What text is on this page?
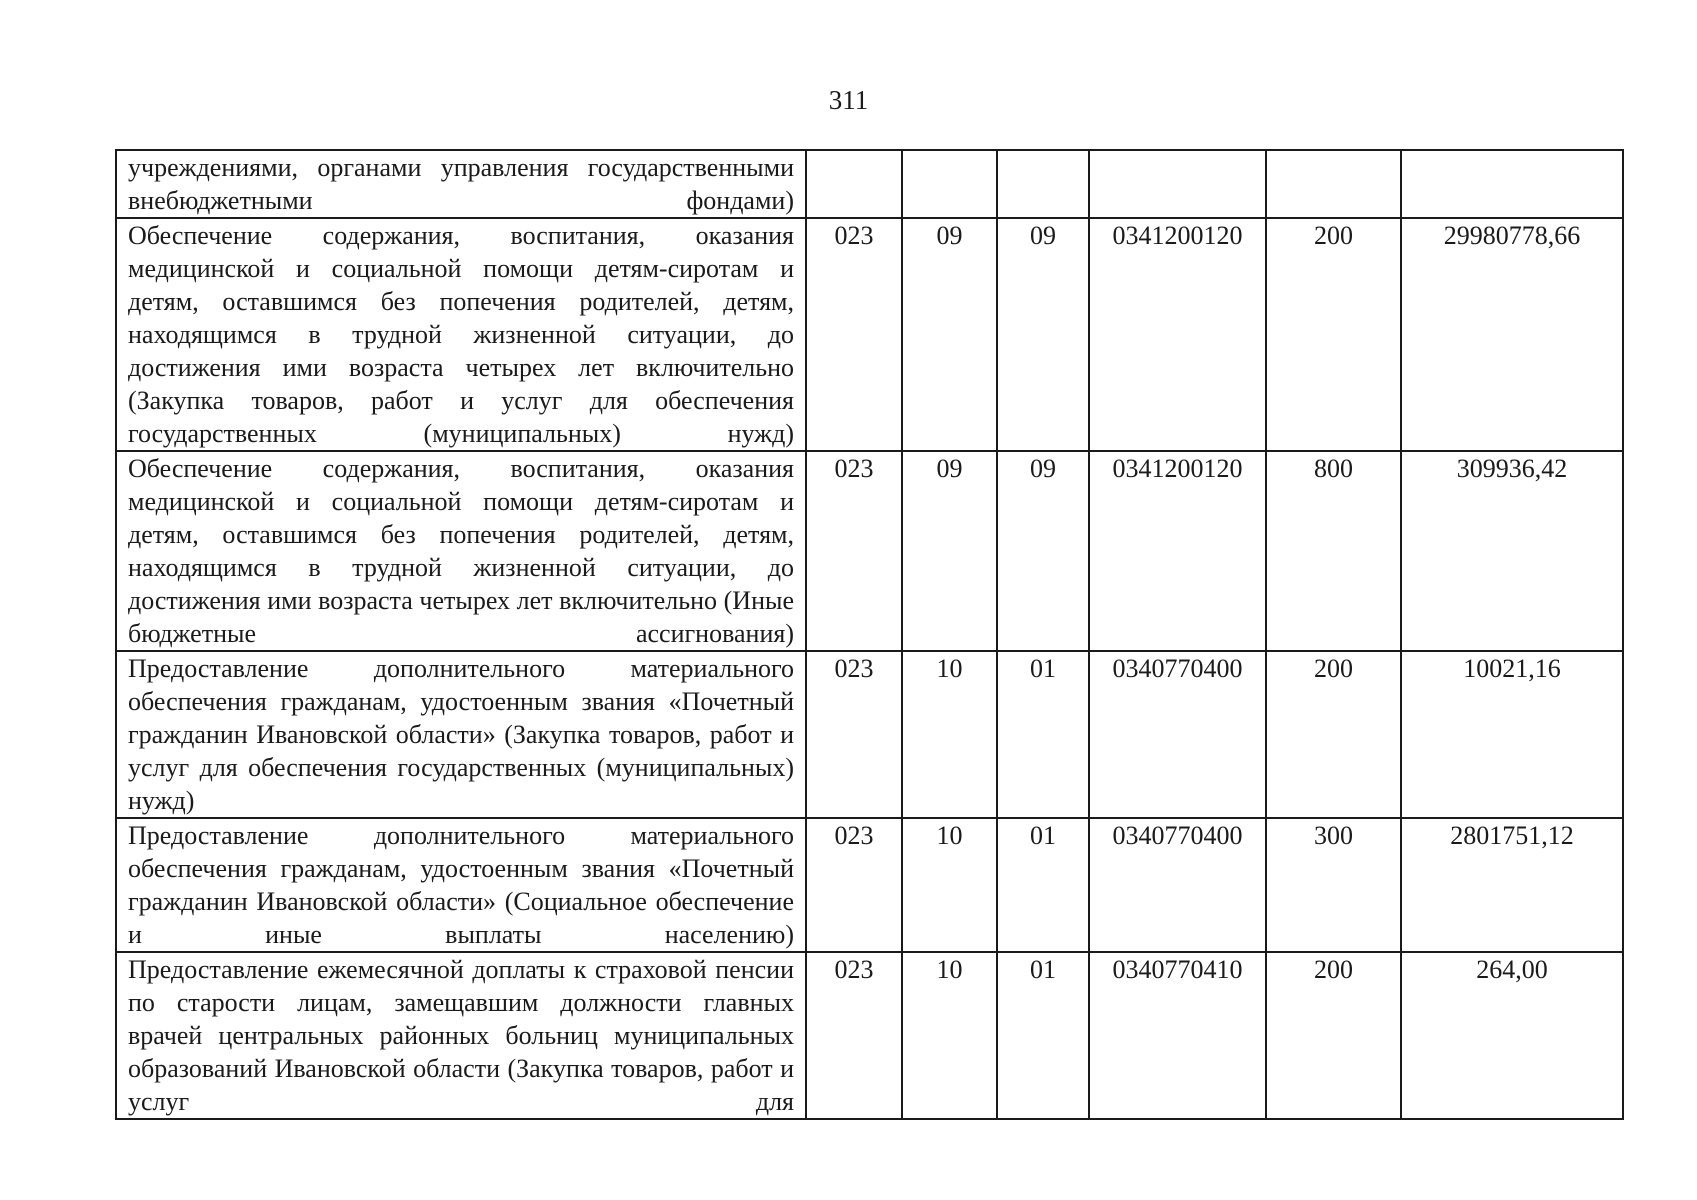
311
учреждениями, органами управления государственными внебюджетными фондами)						
Обеспечение содержания, воспитания, оказания медицинской и социальной помощи детям-сиротам и детям, оставшимся без попечения родителей, детям, находящимся в трудной жизненной ситуации, до достижения ими возраста четырех лет включительно (Закупка товаров, работ и услуг для обеспечения государственных (муниципальных) нужд)	023	09	09	0341200120	200	29980778,66
Обеспечение содержания, воспитания, оказания медицинской и социальной помощи детям-сиротам и детям, оставшимся без попечения родителей, детям, находящимся в трудной жизненной ситуации, до достижения ими возраста четырех лет включительно (Иные бюджетные ассигнования)	023	09	09	0341200120	800	309936,42
Предоставление дополнительного материального обеспечения гражданам, удостоенным звания «Почетный гражданин Ивановской области» (Закупка товаров, работ и услуг для обеспечения государственных (муниципальных) нужд)	023	10	01	0340770400	200	10021,16
Предоставление дополнительного материального обеспечения гражданам, удостоенным звания «Почетный гражданин Ивановской области» (Социальное обеспечение и иные выплаты населению)	023	10	01	0340770400	300	2801751,12
Предоставление ежемесячной доплаты к страховой пенсии по старости лицам, замещавшим должности главных врачей центральных районных больниц муниципальных образований Ивановской области (Закупка товаров, работ и услуг для	023	10	01	0340770410	200	264,00
